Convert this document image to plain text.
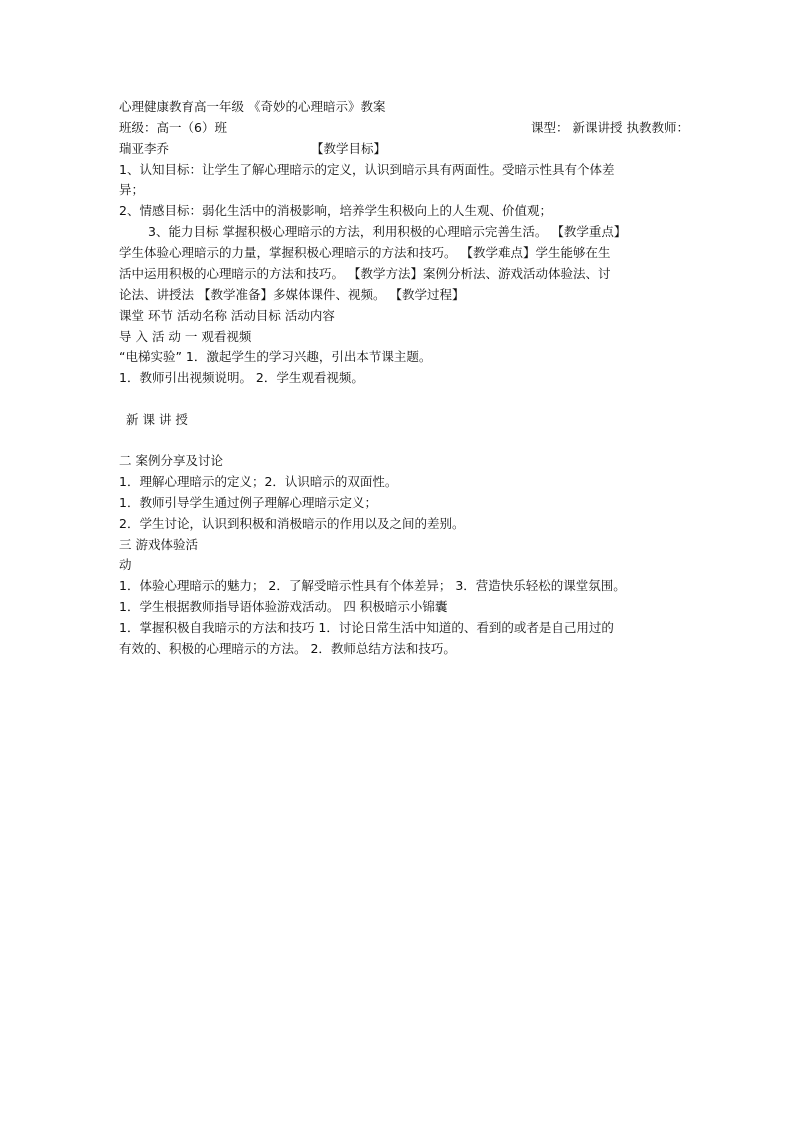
心理健康教育高一年级 《奇妙的心理暗示》教案
班级：高一（6）班	课型： 新课讲授 执教教师：
瑞亚李乔	【教学目标】
1、认知目标：让学生了解心理暗示的定义，认识到暗示具有两面性。受暗示性具有个体差
异；
2、情感目标：弱化生活中的消极影响，培养学生积极向上的人生观、价值观；
3、能力目标 掌握积极心理暗示的方法，利用积极的心理暗示完善生活。 【教学重点】
学生体验心理暗示的力量，掌握积极心理暗示的方法和技巧。 【教学难点】学生能够在生
活中运用积极的心理暗示的方法和技巧。 【教学方法】案例分析法、游戏活动体验法、讨
论法、讲授法 【教学准备】多媒体课件、视频。 【教学过程】
课堂 环节 活动名称 活动目标 活动内容
导 入 活 动 一 观看视频
“电梯实验” 1．激起学生的学习兴趣，引出本节课主题。
1．教师引出视频说明。 2．学生观看视频。
新 课 讲 授
二 案例分享及讨论
1．理解心理暗示的定义；2．认识暗示的双面性。
1．教师引导学生通过例子理解心理暗示定义；
2．学生讨论，认识到积极和消极暗示的作用以及之间的差别。
三 游戏体验活
动
1．体验心理暗示的魅力； 2．了解受暗示性具有个体差异； 3．营造快乐轻松的课堂氛围。
1．学生根据教师指导语体验游戏活动。 四 积极暗示小锦囊
1．掌握积极自我暗示的方法和技巧 1．讨论日常生活中知道的、看到的或者是自己用过的
有效的、积极的心理暗示的方法。 2．教师总结方法和技巧。
